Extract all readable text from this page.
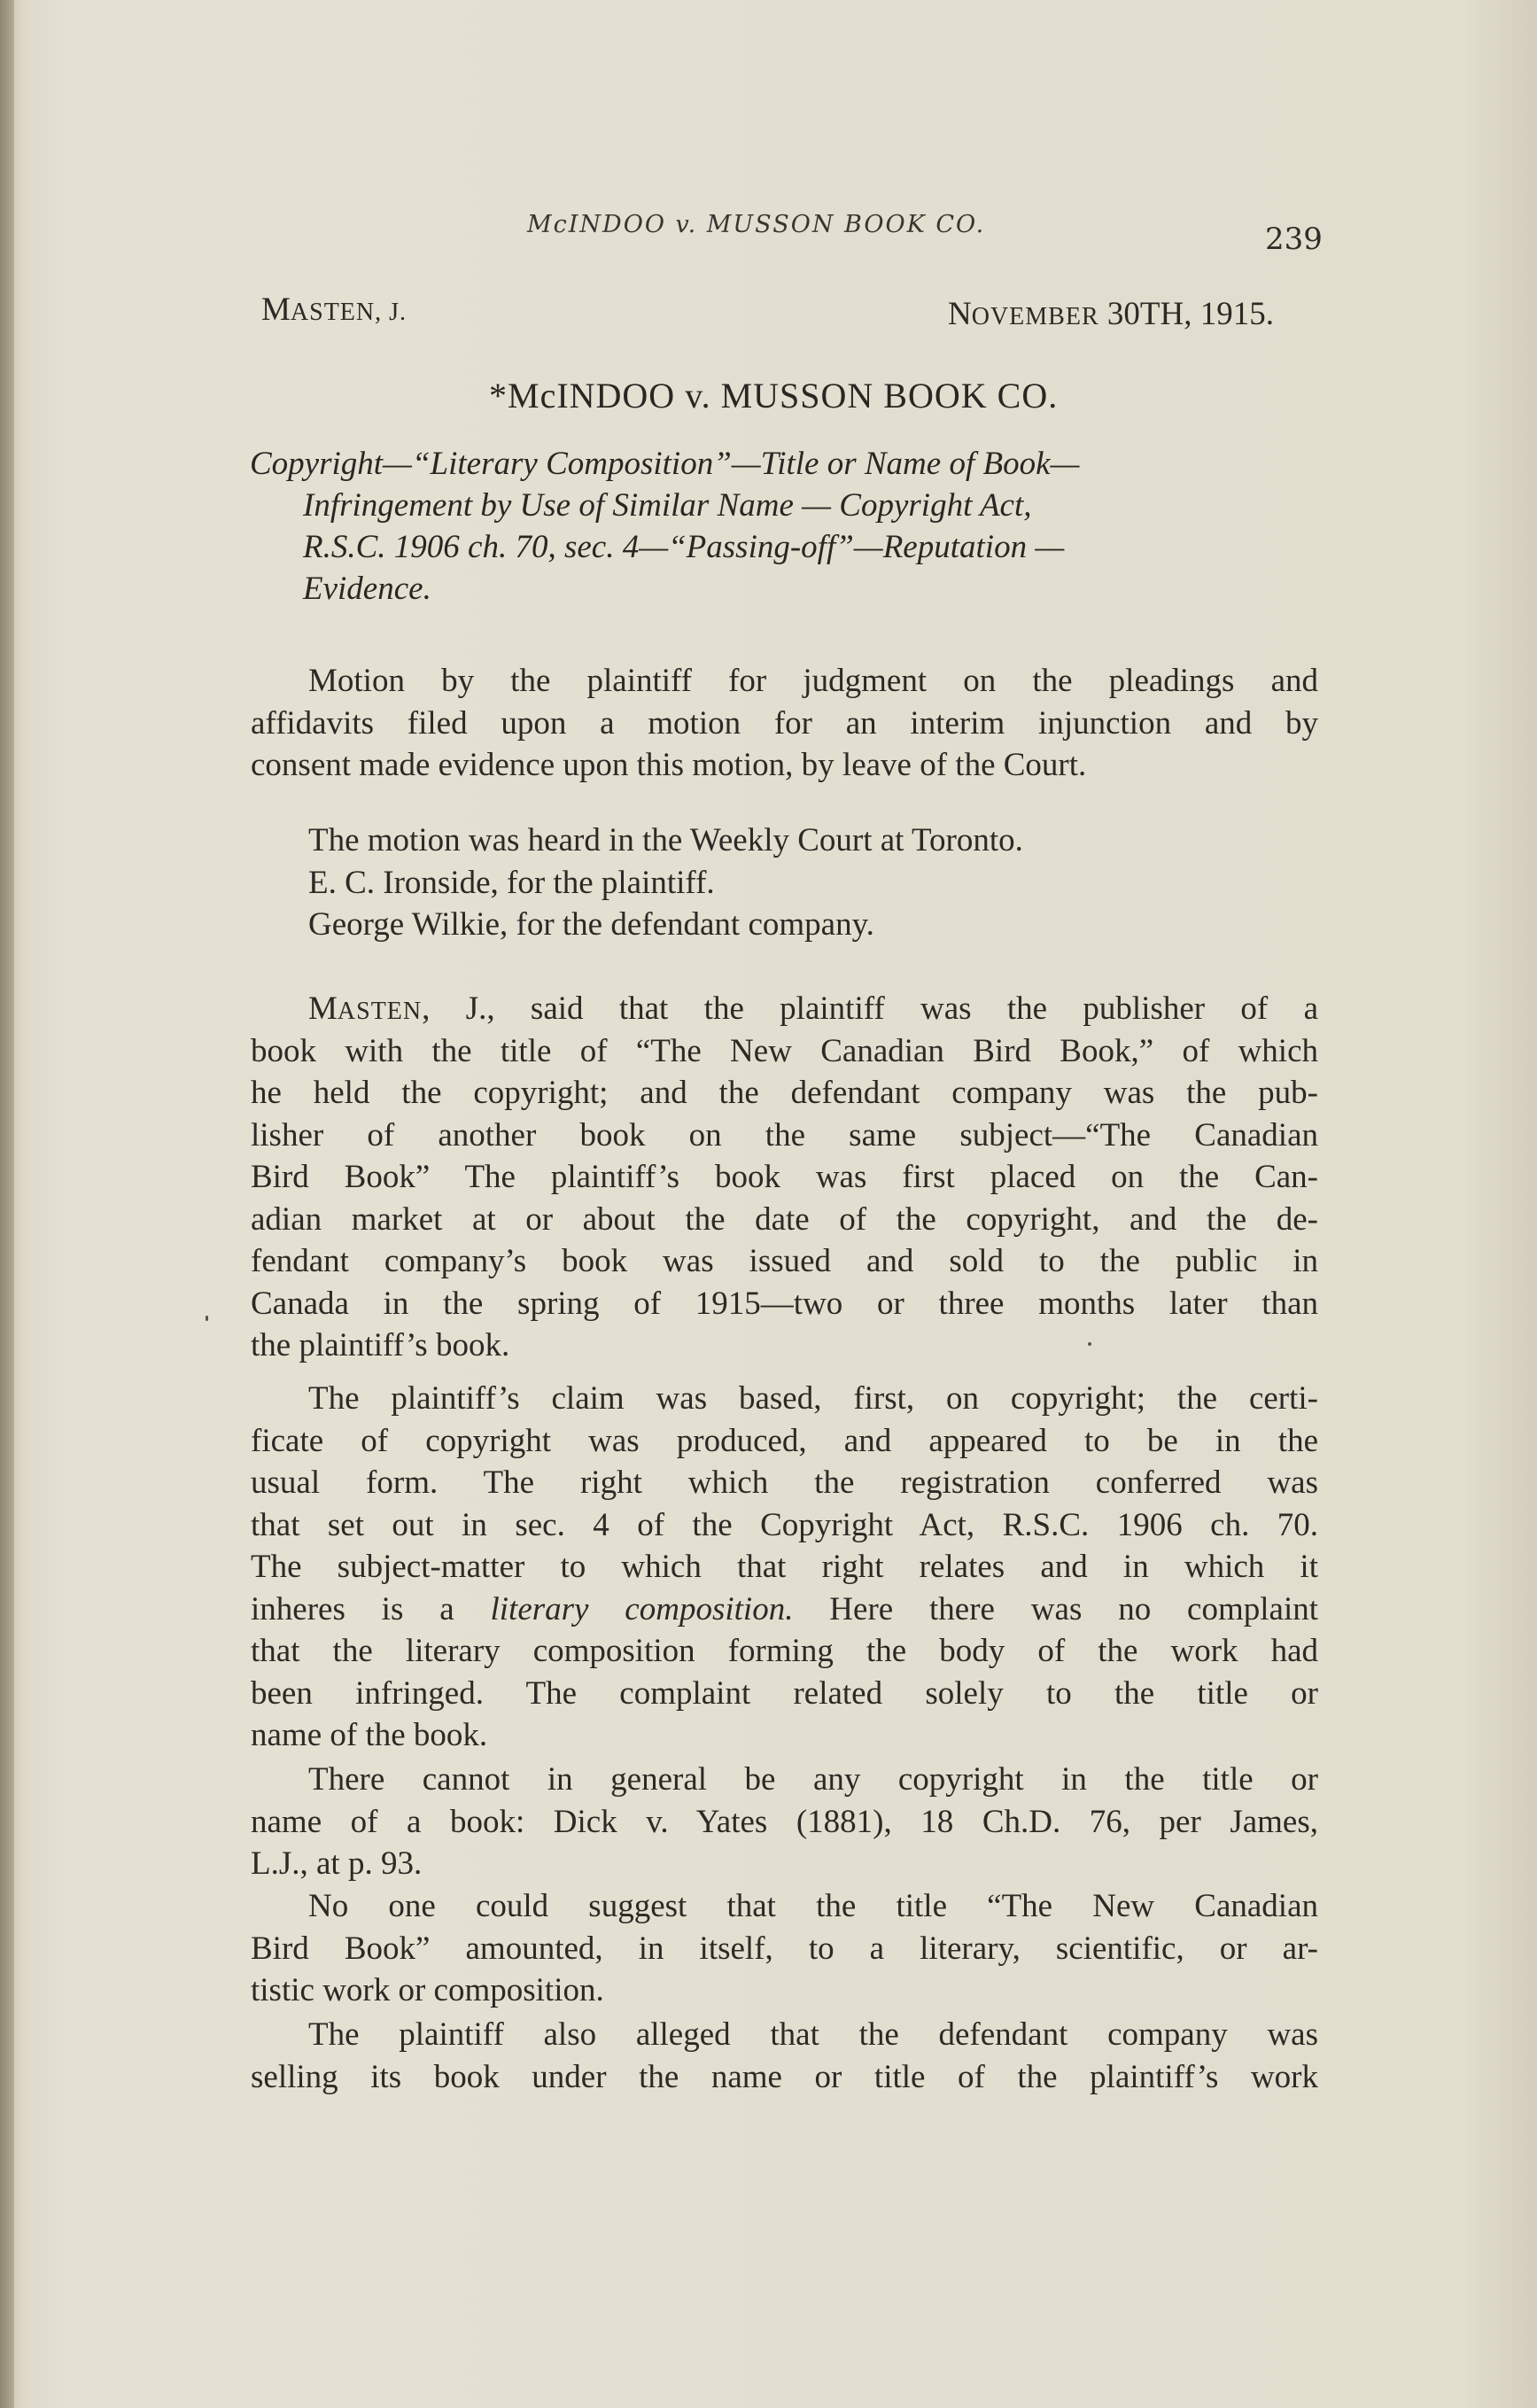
McINDOO v. MUSSON BOOK CO.	239
MASTEN, J.	NOVEMBER 30TH, 1915.
*McINDOO v. MUSSON BOOK CO.
Copyright—“Literary Composition”—Title or Name of Book—
Infringement by Use of Similar Name — Copyright Act,
R.S.C. 1906 ch. 70, sec. 4—“Passing-off”—Reputation —
Evidence.
Motion by the plaintiff for judgment on the pleadings and
affidavits filed upon a motion for an interim injunction and by
consent made evidence upon this motion, by leave of the Court.
The motion was heard in the Weekly Court at Toronto.
E. C. Ironside, for the plaintiff.
George Wilkie, for the defendant company.
MASTEN, J., said that the plaintiff was the publisher of a
book with the title of “The New Canadian Bird Book,” of which
he held the copyright; and the defendant company was the pub-
lisher of another book on the same subject—“The Canadian
Bird Book” The plaintiff’s book was first placed on the Can-
adian market at or about the date of the copyright, and the de-
fendant company’s book was issued and sold to the public in
Canada in the spring of 1915—two or three months later than
the plaintiff’s book.
The plaintiff’s claim was based, first, on copyright; the certi-
ficate of copyright was produced, and appeared to be in the
usual form. The right which the registration conferred was
that set out in sec. 4 of the Copyright Act, R.S.C. 1906 ch. 70.
The subject-matter to which that right relates and in which it
inheres is a literary composition. Here there was no complaint
that the literary composition forming the body of the work had
been infringed. The complaint related solely to the title or
name of the book.
There cannot in general be any copyright in the title or
name of a book: Dick v. Yates (1881), 18 Ch.D. 76, per James,
L.J., at p. 93.
No one could suggest that the title “The New Canadian
Bird Book” amounted, in itself, to a literary, scientific, or ar-
tistic work or composition.
The plaintiff also alleged that the defendant company was
selling its book under the name or title of the plaintiff’s work
